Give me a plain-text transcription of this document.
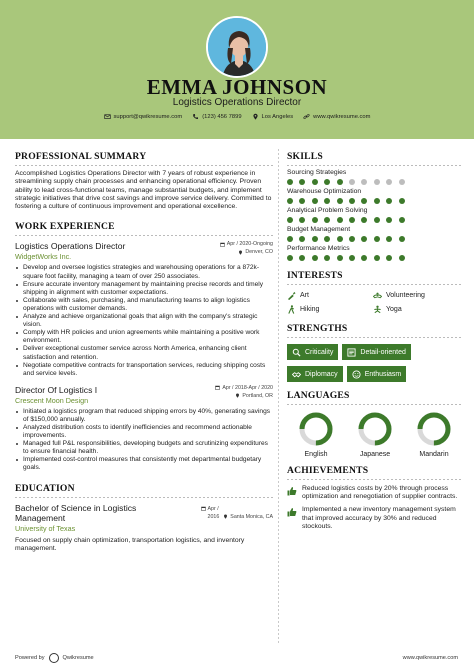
EMMA JOHNSON
Logistics Operations Director
support@qwikresume.com	(123) 456 7899	Los Angeles	www.qwikresume.com
PROFESSIONAL SUMMARY

Accomplished Logistics Operations Director with 7 years of robust experience in streamlining supply chain processes and enhancing operational efficiency. Proven ability to lead cross-functional teams, manage substantial budgets, and implement strategic initiatives that drive cost savings and improve service delivery. Committed to fostering a culture of continuous improvement and operational excellence.

WORK EXPERIENCE
Logistics Operations Director
WidgetWorks Inc.
Apr / 2020-Ongoing
Denver, CO
Develop and oversee logistics strategies and warehousing operations for a 872k-square foot facility, managing a team of over 250 associates.
Ensure accurate inventory management by maintaining precise records and timely shipping in alignment with customer expectations.
Collaborate with sales, purchasing, and manufacturing teams to align logistics operations with customer demands.
Analyze and achieve organizational goals that align with the company's strategic vision.
Comply with HR policies and union agreements while maintaining a positive work environment.
Deliver exceptional customer service across North America, enhancing client satisfaction and retention.
Negotiate competitive contracts for transportation services, reducing shipping costs and service levels.
Director Of Logistics I
Crescent Moon Design
Apr / 2018-Apr / 2020
Portland, OR
Initiated a logistics program that reduced shipping errors by 40%, generating savings of $150,000 annually.
Analyzed distribution costs to identify inefficiencies and recommend actionable improvements.
Managed full P&L responsibilities, developing budgets and scrutinizing expenditures to ensure financial health.
Implemented cost-control measures that consistently met departmental budgetary goals.
EDUCATION
Bachelor of Science in Logistics Management
University of Texas
Apr /
2016 Santa Monica, CA

Focused on supply chain optimization, transportation logistics, and inventory management.

SKILLS
Sourcing Strategies
Warehouse Optimization
Analytical Problem Solving
Budget Management
Performance Metrics
INTERESTS
Art	Volunteering
Hiking	Yoga
STRENGTHS
Criticality	Detail-oriented
Diplomacy	Enthusiasm
LANGUAGES
English	Japanese	Mandarin
ACHIEVEMENTS
Reduced logistics costs by 20% through process optimization and renegotiation of supplier contracts.
Implemented a new inventory management system that improved accuracy by 30% and reduced stockouts.
Powered by	Qwikresume	www.qwikresume.com
